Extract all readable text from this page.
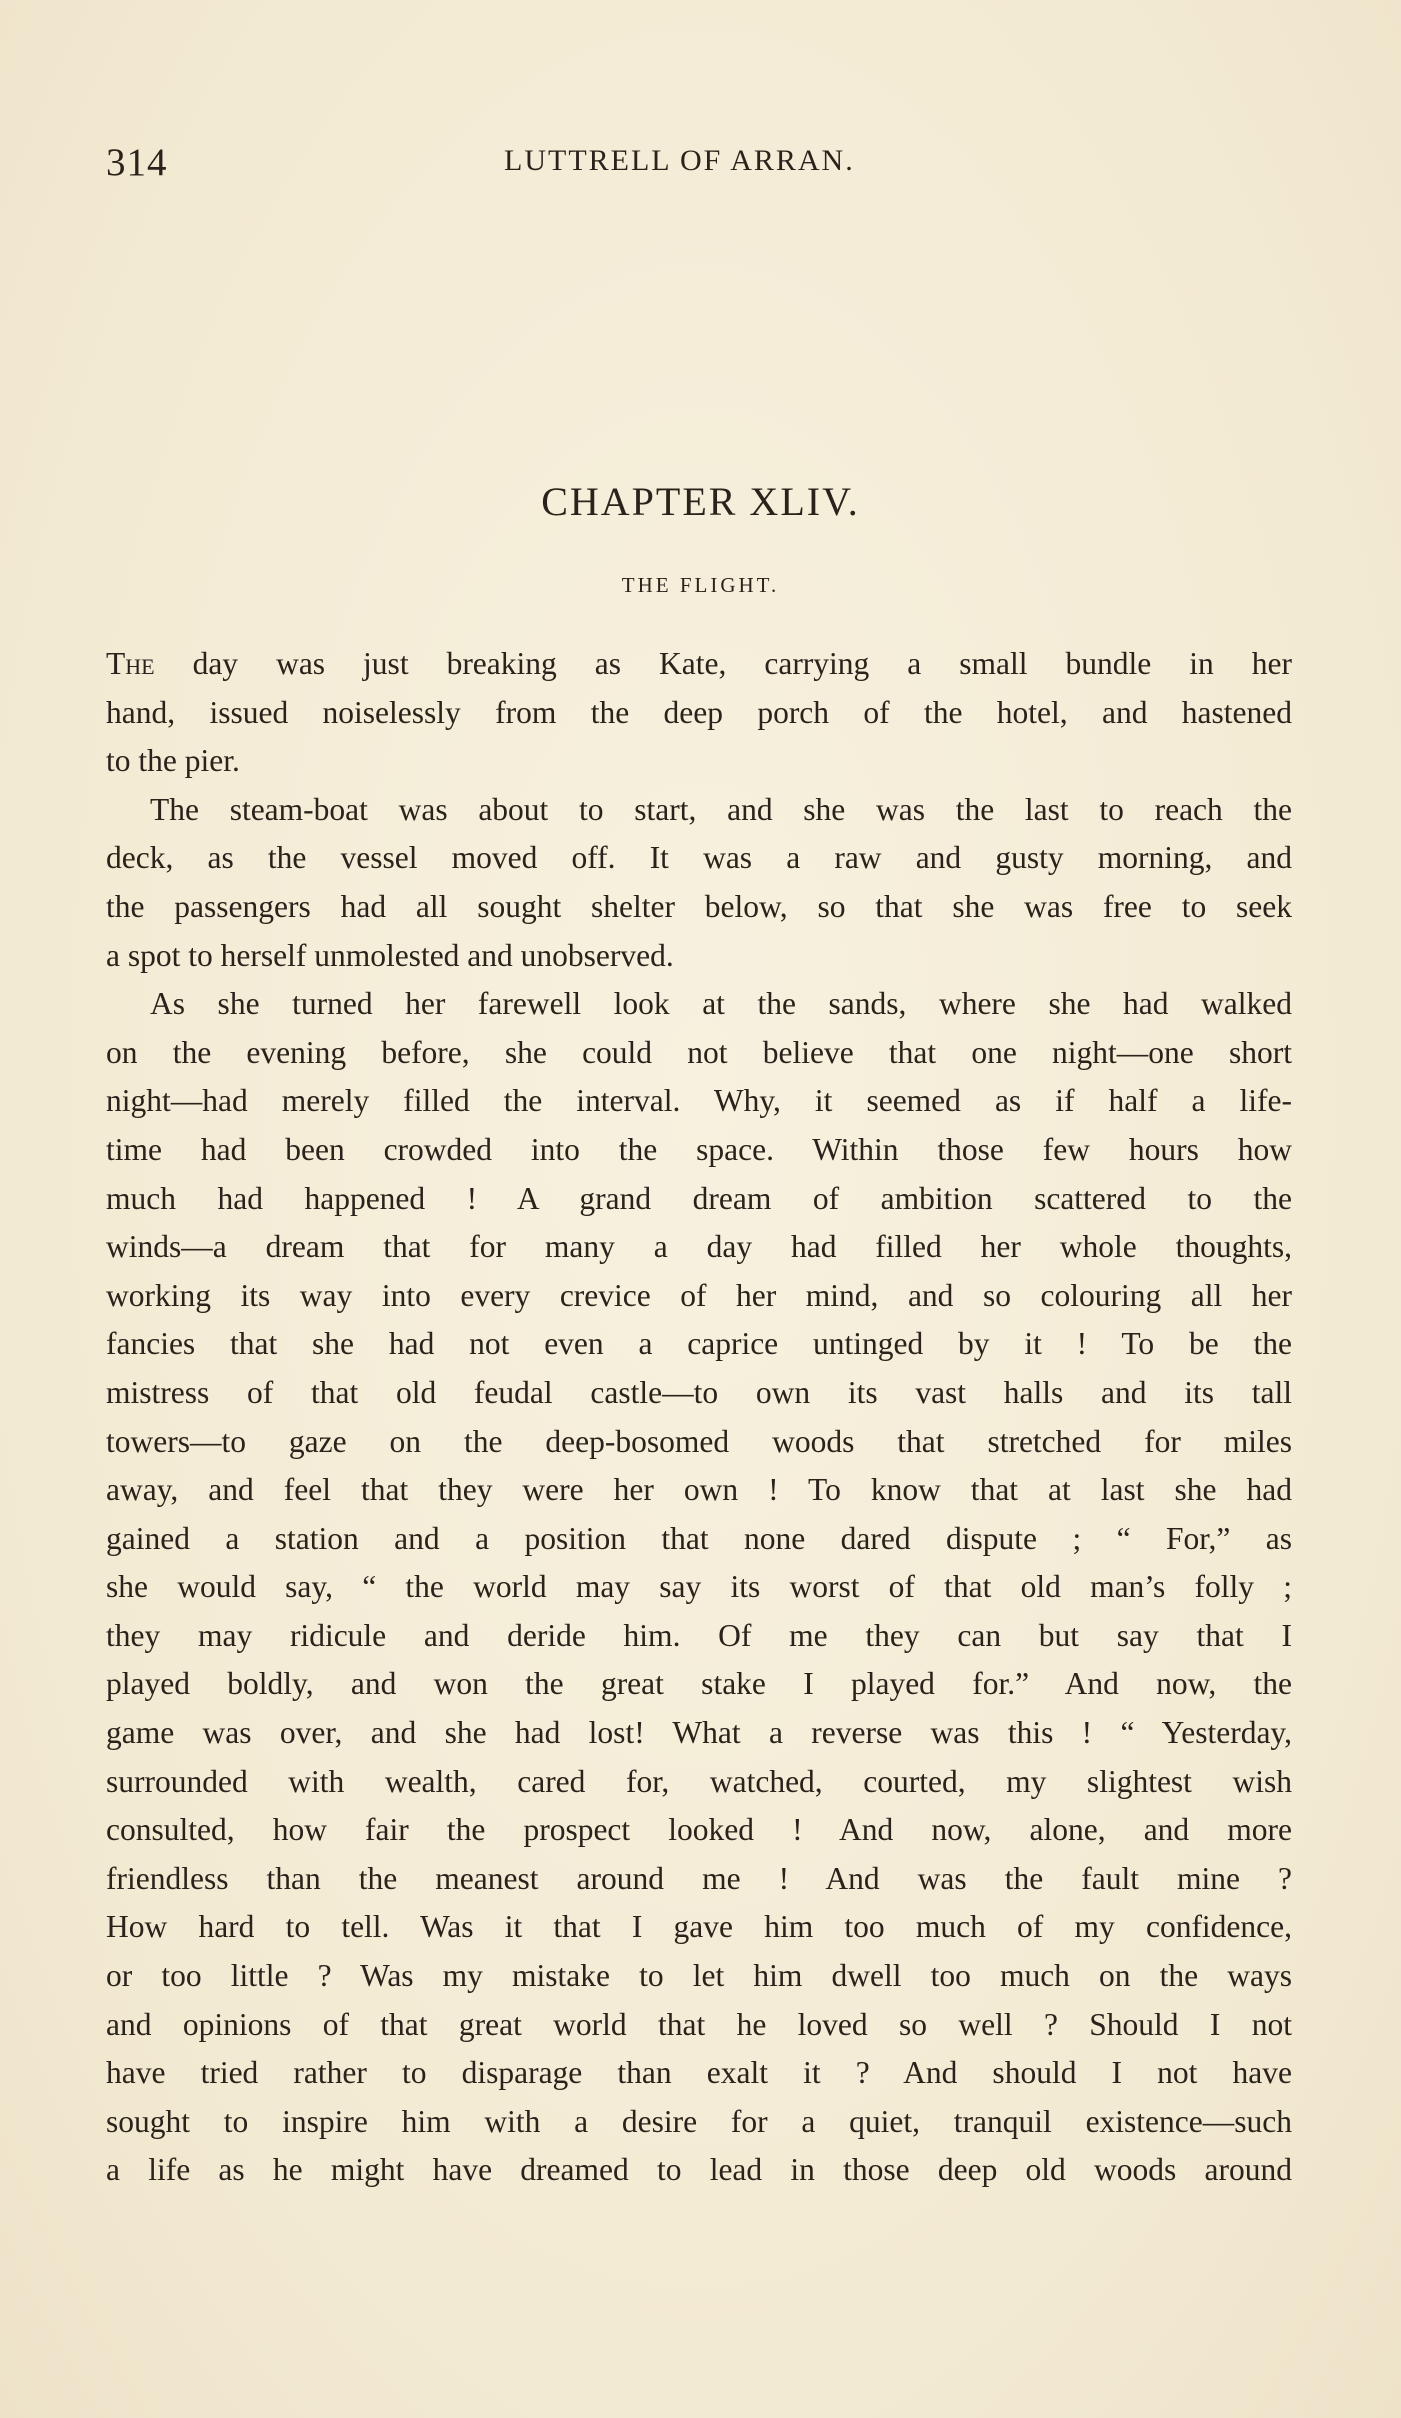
314	LUTTRELL OF ARRAN.
CHAPTER XLIV.
THE FLIGHT.
The day was just breaking as Kate, carrying a small bundle in her
hand, issued noiselessly from the deep porch of the hotel, and hastened
to the pier.
The steam-boat was about to start, and she was the last to reach the
deck, as the vessel moved off. It was a raw and gusty morning, and
the passengers had all sought shelter below, so that she was free to seek
a spot to herself unmolested and unobserved.
As she turned her farewell look at the sands, where she had walked
on the evening before, she could not believe that one night—one short
night—had merely filled the interval. Why, it seemed as if half a life-
time had been crowded into the space. Within those few hours how
much had happened ! A grand dream of ambition scattered to the
winds—a dream that for many a day had filled her whole thoughts,
working its way into every crevice of her mind, and so colouring all her
fancies that she had not even a caprice untinged by it ! To be the
mistress of that old feudal castle—to own its vast halls and its tall
towers—to gaze on the deep-bosomed woods that stretched for miles
away, and feel that they were her own ! To know that at last she had
gained a station and a position that none dared dispute ; “ For,” as
she would say, “ the world may say its worst of that old man’s folly ;
they may ridicule and deride him. Of me they can but say that I
played boldly, and won the great stake I played for.” And now, the
game was over, and she had lost! What a reverse was this ! “ Yesterday,
surrounded with wealth, cared for, watched, courted, my slightest wish
consulted, how fair the prospect looked ! And now, alone, and more
friendless than the meanest around me ! And was the fault mine ?
How hard to tell. Was it that I gave him too much of my confidence,
or too little ? Was my mistake to let him dwell too much on the ways
and opinions of that great world that he loved so well ? Should I not
have tried rather to disparage than exalt it ? And should I not have
sought to inspire him with a desire for a quiet, tranquil existence—such
a life as he might have dreamed to lead in those deep old woods around
